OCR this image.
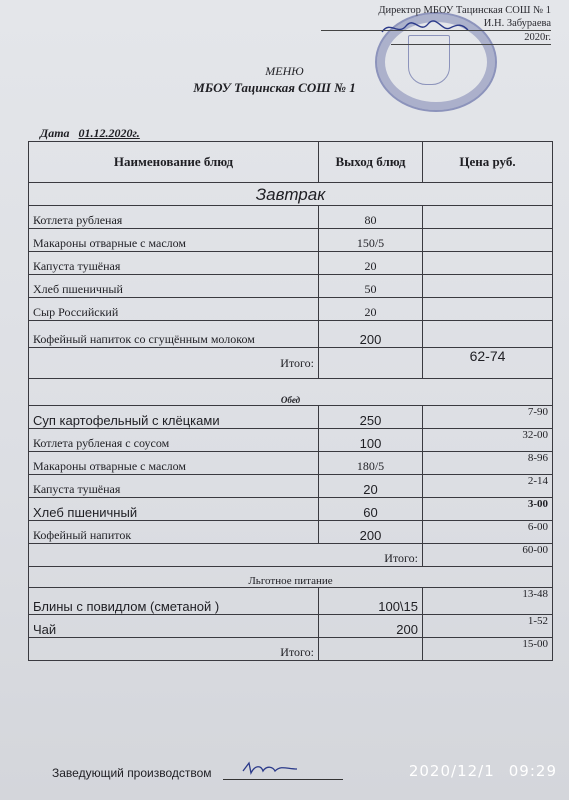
Директор МБОУ Тацинская СОШ № 1
И.Н. Забураева
2020г.
МЕНЮ
МБОУ Тацинская СОШ № 1
Дата 01.12.2020г.
Наименование блюд	Выход блюд	Цена руб.
Завтрак		
Котлета рубленая	80	
Макароны отварные с маслом	150/5	
Капуста тушёная	20	
Хлеб пшеничный	50	
Сыр Российский	20	
Кофейный напиток со сгущённым молоком	200	
Итого:		62-74
Обед		
Суп картофельный с клёцками	250	7-90
Котлета рубленая с соусом	100	32-00
Макароны отварные с маслом	180/5	8-96
Капуста тушёная	20	2-14
Хлеб пшеничный	60	3-00
Кофейный напиток	200	6-00
Итого:		60-00
Льготное питание		
Блины с повидлом (сметаной )	100\15	13-48
Чай	200	1-52
Итого:		15-00
Заведующий производством	2020/12/1 09:29
